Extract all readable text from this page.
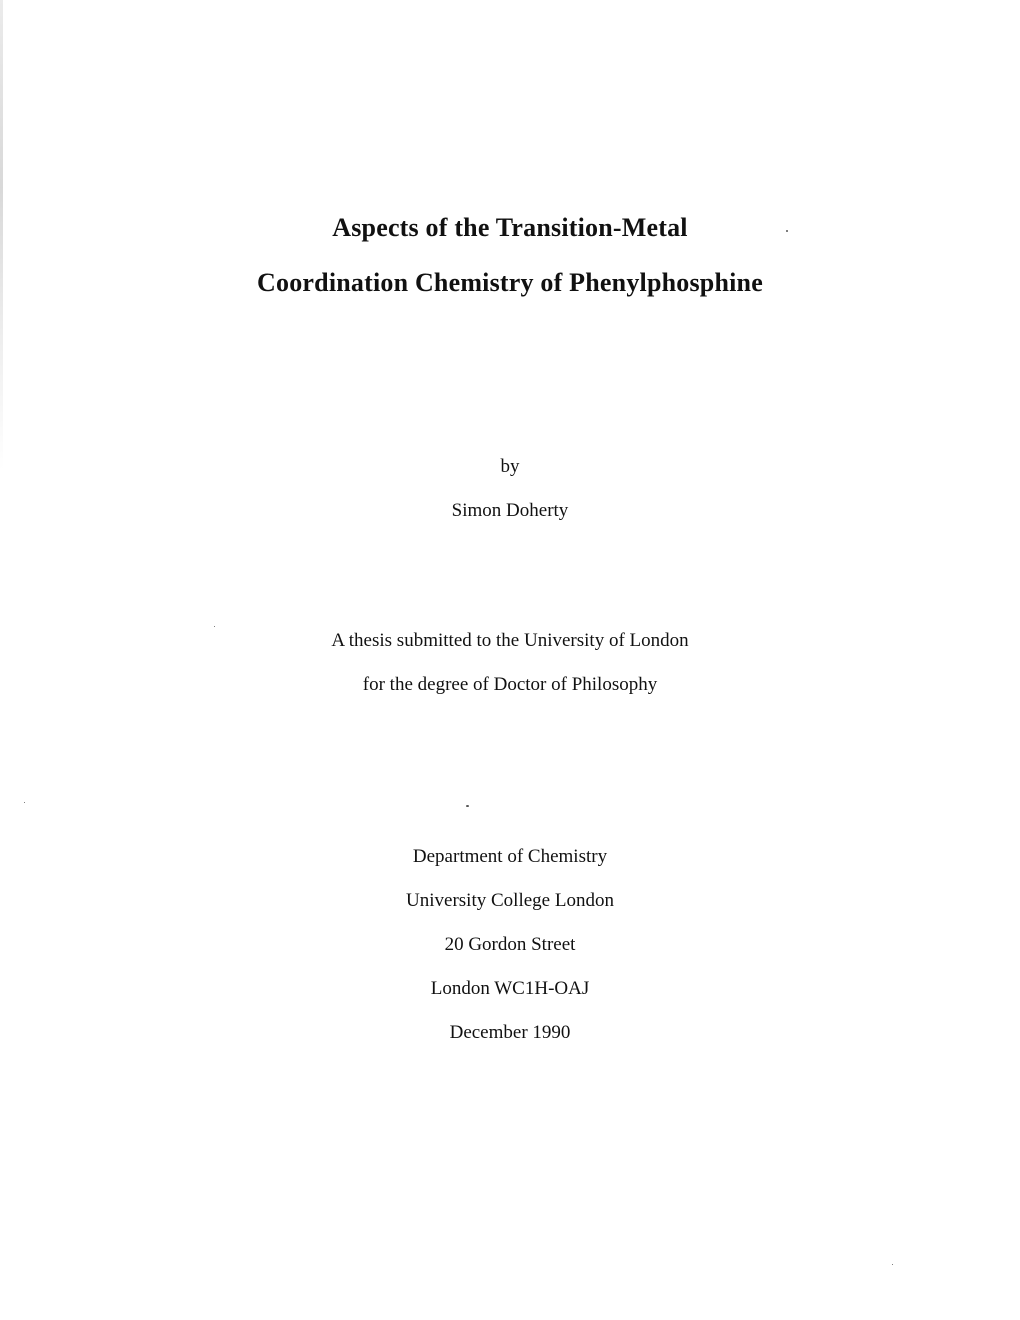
Aspects of the Transition-Metal
Coordination Chemistry of Phenylphosphine
by
Simon Doherty
A thesis submitted to the University of London
for the degree of Doctor of Philosophy
Department of Chemistry
University College London
20 Gordon Street
London WC1H-OAJ
December 1990
